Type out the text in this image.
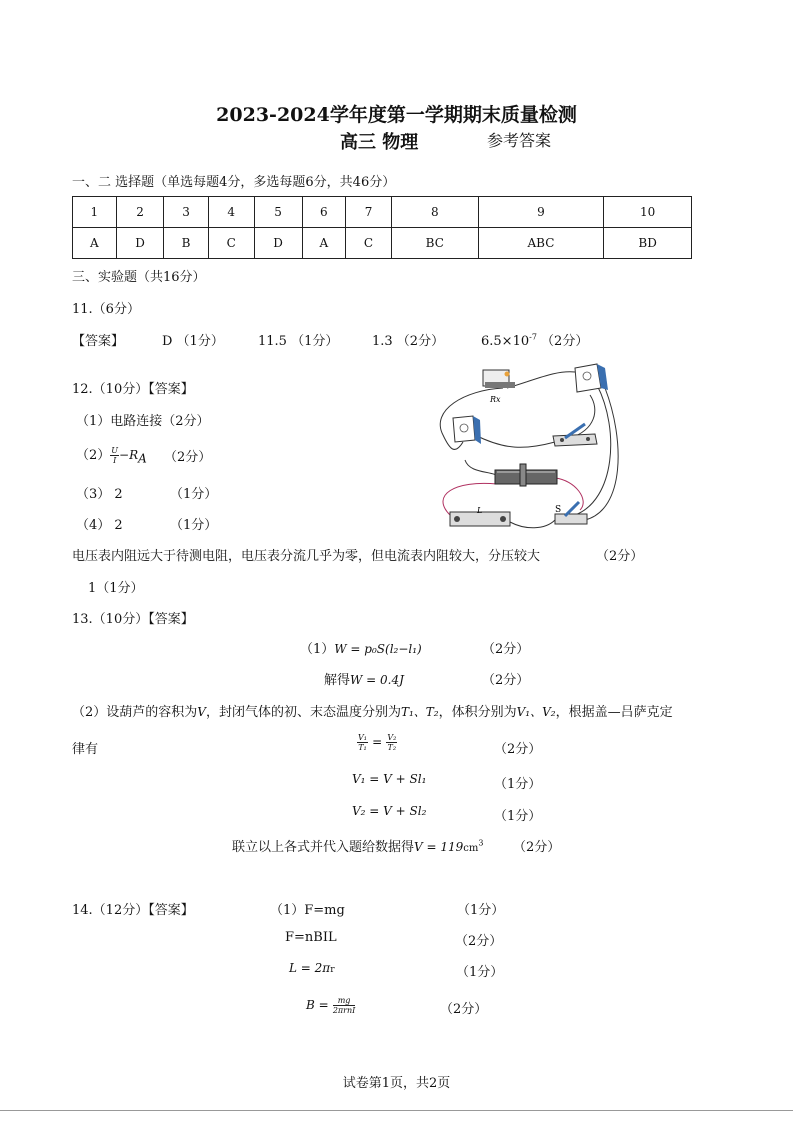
2023-2024学年度第一学期期末质量检测
高三 物理	参考答案
一、二 选择题（单选每题4分，多选每题6分，共46分）
1	2	3	4	5	6	7	8	9	10
A	D	B	C	D	A	C	BC	ABC	BD
三、实验题（共16分）
11.（6分）
【答案】	D （1分）	11.5 （1分）	1.3 （2分）	$6.5\times 10^{-7}$ （2分）
12.（10分）【答案】
（1）电路连接（2分）
$(2) \frac{U}{I} -R_A$ （2分）
（3） 2	（1分）
（4） 2	（1分）
Rx
L	S
电压表内阻远大于待测电阻，电压表分流几乎为零，但电流表内阻较大，分压较大	（2分）
1（1分）
13.（10分）【答案】
（1）W = p₀S(l₂−l₁)	（2分）
解得W = 0.4J	（2分）
（2）设葫芦的容积为V，封闭气体的初、末态温度分别为T₁、T₂，体积分别为V₁、V₂，根据盖—吕萨克定
律有	$\frac{\text{V₁}}{\text{T₁}} = \frac{\text{V₂}}{\text{T₂}}$	（2分）
V₁ = V + Sl₁	（1分）
V₂ = V + Sl₂	（1分）
联立以上各式并代入题给数据得$V = 119cm^3$ （2分）
14.（12分）【答案】	（1）F=mg	（1分）
F=nBIL	（2分）
L = 2πr	（1分）
$B = \frac{mg}{\text{2πrnI}}$	（2分）
试卷第1页，共2页
